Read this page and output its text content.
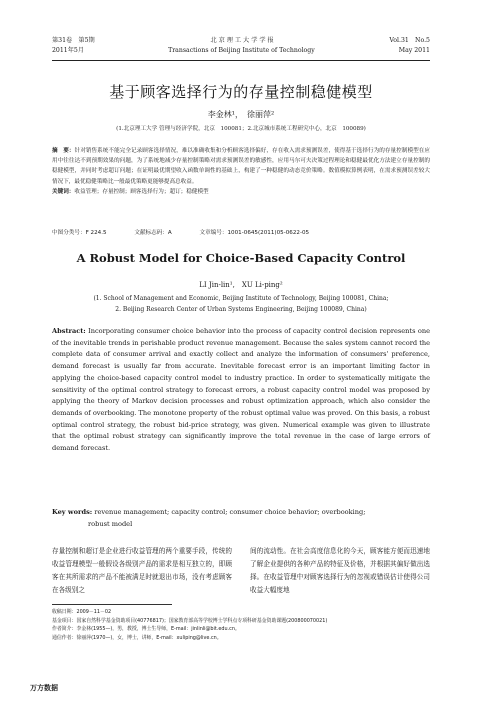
第31卷　第5期	北 京 理 工 大 学 学 报	Vol.31　No.5
2011年5月	Transactions of Beijing Institute of Technology	May 2011
基于顾客选择行为的存量控制稳健模型
李金林¹，　徐丽萍²
(1.北京理工大学 管理与经济学院，北京　100081；2.北京城市系统工程研究中心，北京　100089)
摘　要：针对销售系统不能完全记录顾客选择情况，难以准确收集和分析顾客选择偏好，存在收入需求预测误差，使得基于选择行为的存量控制模型在应用中往往达不到预期效果的问题，为了系统地减少存量控制策略对需求预测误差的敏感性，应用马尔可夫决策过程理论和稳健最优化方法建立存量控制的稳健模型，并同时考虑超订问题；在证明最优期望收入函数单调性的基础上，构建了一种稳健的动态竞价策略。数值模拟算例表明，在需求预测误差较大情况下，最优稳健策略比一般最优策略更能够提高总收益。
关键词：收益管理；存量控制；顾客选择行为；超订；稳健模型
中图分类号：F 224.5	文献标志码：A	文章编号：1001-0645(2011)05-0622-05
A Robust Model for Choice-Based Capacity Control
LI Jin-lin¹,　XU Li-ping²
(1. School of Management and Economic, Beijing Institute of Technology, Beijing 100081, China;
2. Beijing Research Center of Urban Systems Engineering, Beijing 100089, China)
Abstract: Incorporating consumer choice behavior into the process of capacity control decision represents one of the inevitable trends in perishable product revenue management. Because the sales system cannot record the complete data of consumer arrival and exactly collect and analyze the information of consumers' preference, demand forecast is usually far from accurate. Inevitable forecast error is an important limiting factor in applying the choice-based capacity control model to industry practice. In order to systematically mitigate the sensitivity of the optimal control strategy to forecast errors, a robust capacity control model was proposed by applying the theory of Markov decision processes and robust optimization approach, which also consider the demands of overbooking. The monotone property of the robust optimal value was proved. On this basis, a robust optimal control strategy, the robust bid-price strategy, was given. Numerical example was given to illustrate that the optimal robust strategy can significantly improve the total revenue in the case of large errors of demand forecast.
Key words: revenue management; capacity control; consumer choice behavior; overbooking;
robust model
存量控制和超订是企业进行收益管理的两个重要手段，传统的收益管理模型一般假设各级别产品的需求是相互独立的，即顾客在其所需求的产品不能被满足时就退出市场，没有考虑顾客在各级别之
间的流动性。在社会高度信息化的今天，顾客能方便而迅速地了解企业提供的各种产品的特征及价格，并根据其偏好做出选择。在收益管理中对顾客选择行为的忽视或错误估计使得公司收益大幅度地
收稿日期：2009－11－02
基金项目：国家自然科学基金资助项目(40776817)；国家教育部高等学校博士学科点专项科研基金资助课题(200800070021)
作者简介：李金林(1955—)，男，教授，博士生导师，E-mail：jinlinli@bit.edu.cn。
通信作者：徐丽萍(1970—)，女，博士，讲师，E-mail：xuliping@live.cn。
万方数据
